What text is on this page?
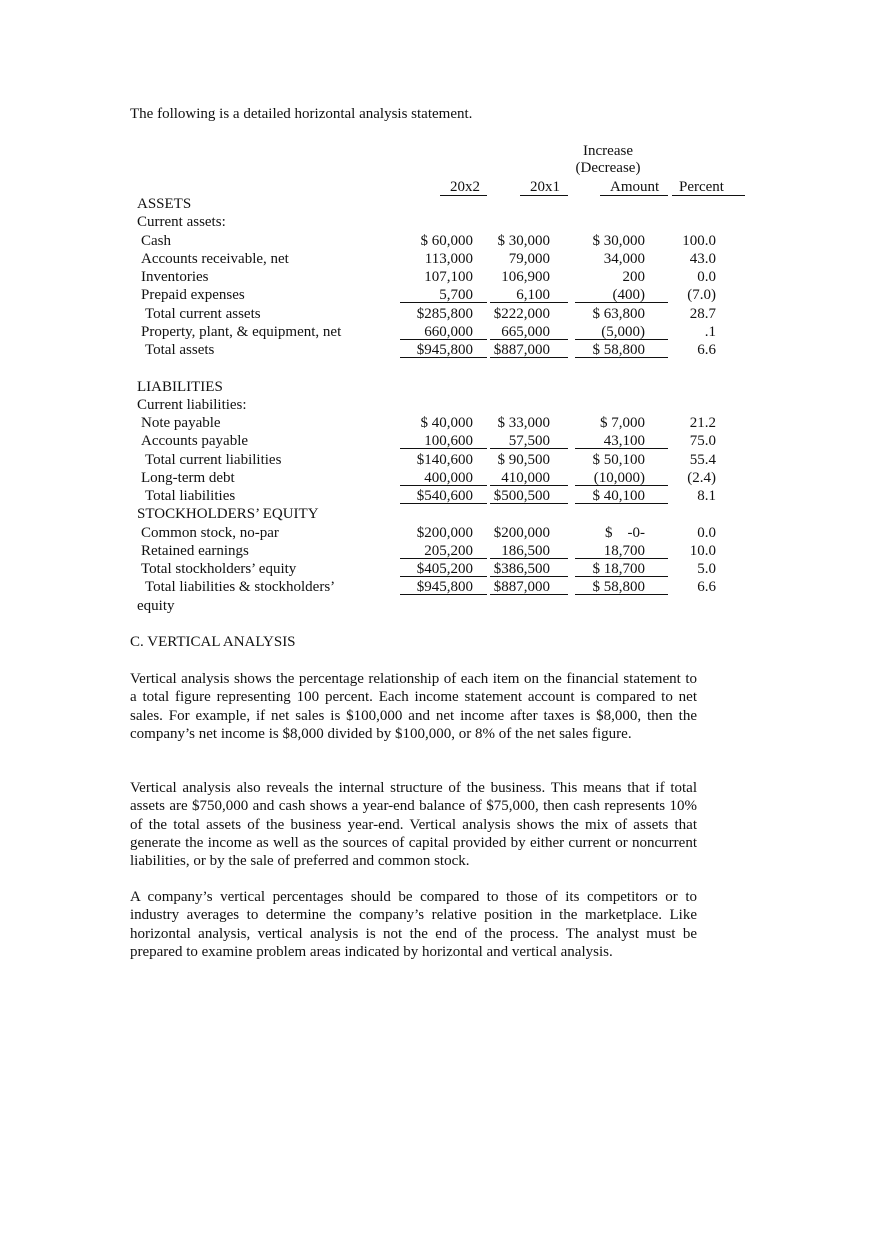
The following is a detailed horizontal analysis statement.
Increase
(Decrease)
20x2	20x1	Amount	Percent
ASSETS
Current assets:
Cash	$ 60,000	$ 30,000	$ 30,000	100.0
Accounts receivable, net	113,000	79,000	34,000	43.0
Inventories	107,100	106,900	200	0.0
Prepaid expenses	5,700	6,100	(400)	(7.0)
Total current assets	$285,800	$222,000	$ 63,800	28.7
Property, plant, & equipment, net	660,000	665,000	(5,000)	.1
Total assets	$945,800	$887,000	$ 58,800	6.6
LIABILITIES
Current liabilities:
Note payable	$ 40,000	$ 33,000	$ 7,000	21.2
Accounts payable	100,600	57,500	43,100	75.0
Total current liabilities	$140,600	$ 90,500	$ 50,100	55.4
Long-term debt	400,000	410,000	(10,000)	(2.4)
Total liabilities	$540,600	$500,500	$ 40,100	8.1
STOCKHOLDERS’ EQUITY
Common stock, no-par	$200,000	$200,000	$    -0-	0.0
Retained earnings	205,200	186,500	18,700	10.0
Total stockholders’ equity	$405,200	$386,500	$ 18,700	5.0
Total liabilities & stockholders’	$945,800	$887,000	$ 58,800	6.6
equity
C. VERTICAL ANALYSIS
Vertical analysis shows the percentage relationship of each item on the financial statement to a total figure representing 100 percent. Each income statement account is compared to net sales. For example, if net sales is $100,000 and net income after taxes is $8,000, then the company’s net income is $8,000 divided by $100,000, or 8% of the net sales figure.
Vertical analysis also reveals the internal structure of the business. This means that if total assets are $750,000 and cash shows a year-end balance of $75,000, then cash represents 10% of the total assets of the business year-end. Vertical analysis shows the mix of assets that generate the income as well as the sources of capital provided by either current or noncurrent liabilities, or by the sale of preferred and common stock.
A company’s vertical percentages should be compared to those of its competitors or to industry averages to determine the company’s relative position in the marketplace. Like horizontal analysis, vertical analysis is not the end of the process. The analyst must be prepared to examine problem areas indicated by horizontal and vertical analysis.
